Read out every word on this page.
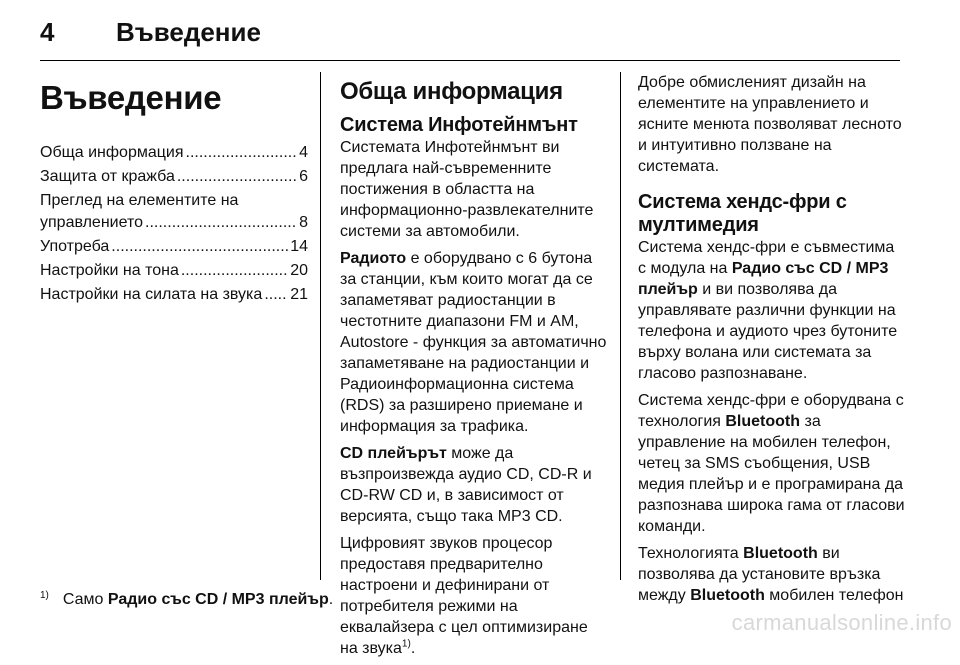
4 Въведение
Въведение
Обща информация .....	4
Защита от кражба .....	6
Преглед на елементите на
управлението .....	8
Употреба .....	14
Настройки на тона .....	20
Настройки на силата на звука ..... 21
Обща информация
Система Инфотейнмънт

Системата Инфотейнмънт ви предлага най-съвременните постижения в областта на информационно-развлекателните системи за автомобили.

Радиото е оборудвано с 6 бутона за станции, към които могат да се запаметяват радиостанции в честотните диапазони FM и AM, Autostore - функция за автоматично запаметяване на радиостанции и Радиоинформационна система (RDS) за разширено приемане и информация за трафика.

CD плейърът може да възпроизвежда аудио CD, CD-R и CD-RW CD и, в зависимост от версията, също така MP3 CD.

Цифровият звуков процесор предоставя предварително настроени и дефинирани от потребителя режими на еквалайзера с цел оптимизиране на звука$^{1)}$.

Добре обмисленият дизайн на елементите на управлението и ясните менюта позволяват лесното и интуитивно ползване на системата.

Система хендс-фри с мултимедия

Система хендс-фри е съвместима с модула на Радио със CD / MP3 плейър и ви позволява да управлявате различни функции на телефона и аудиото чрез бутоните върху волана или системата за гласово разпознаване.

Система хендс-фри е оборудвана с технология Bluetooth за управление на мобилен телефон, четец за SMS съобщения, USB медия плейър и е програмирана да разпознава широка гама от гласови команди.

Технологията Bluetooth ви позволява да установите връзка между Bluetooth мобилен телефон

$^{1)}$ Само Радио със CD / MP3 плейър.
carmanualsonline.info
